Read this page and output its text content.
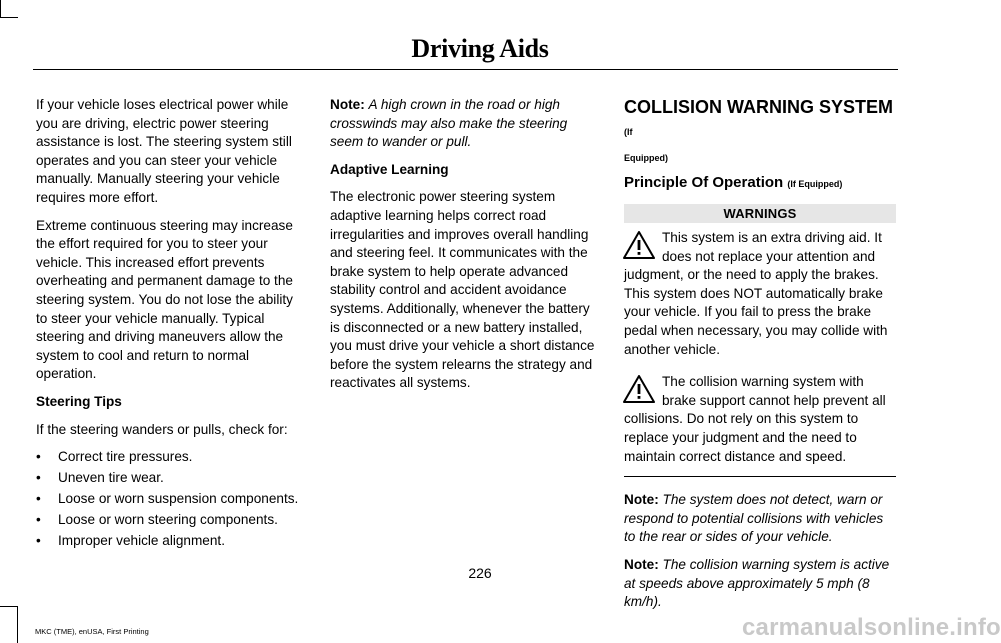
Driving Aids

If your vehicle loses electrical power while you are driving, electric power steering assistance is lost. The steering system still operates and you can steer your vehicle manually. Manually steering your vehicle requires more effort.

Extreme continuous steering may increase the effort required for you to steer your vehicle. This increased effort prevents overheating and permanent damage to the steering system. You do not lose the ability to steer your vehicle manually. Typical steering and driving maneuvers allow the system to cool and return to normal operation.

Steering Tips

If the steering wanders or pulls, check for:

• Correct tire pressures.
• Uneven tire wear.
• Loose or worn suspension components.
• Loose or worn steering components.
• Improper vehicle alignment.

Note: A high crown in the road or high crosswinds may also make the steering seem to wander or pull.

Adaptive Learning

The electronic power steering system adaptive learning helps correct road irregularities and improves overall handling and steering feel. It communicates with the brake system to help operate advanced stability control and accident avoidance systems. Additionally, whenever the battery is disconnected or a new battery installed, you must drive your vehicle a short distance before the system relearns the strategy and reactivates all systems.

COLLISION WARNING SYSTEM (If

Equipped)

Principle Of Operation (If Equipped)

WARNINGS
This system is an extra driving aid. It does not replace your attention and judgment, or the need to apply the brakes. This system does NOT automatically brake your vehicle. If you fail to press the brake pedal when necessary, you may collide with another vehicle.
The collision warning system with brake support cannot help prevent all collisions. Do not rely on this system to replace your judgment and the need to maintain correct distance and speed.

Note: The system does not detect, warn or respond to potential collisions with vehicles to the rear or sides of your vehicle.

Note: The collision warning system is active at speeds above approximately 5 mph (8 km/h).

226
MKC (TME), enUSA, First Printing	carmanualsonline.info
